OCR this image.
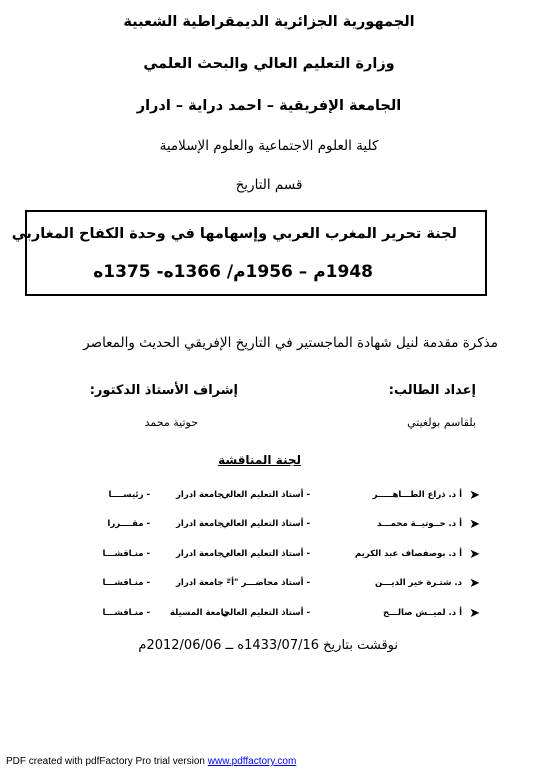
الجمهورية الجزائرية الديمقراطية الشعبية
وزارة التعليم العالي والبحث العلمي
الجامعة الإفريقية – احمد دراية – ادرار
كلية العلوم الاجتماعية والعلوم الإسلامية
قسم التاريخ
لجنة تحرير المغرب العربي وإسهامها في وحدة الكفاح المغاربي
1948م – 1956م/ 1366ه- 1375ه
مذكرة مقدمة لنيل شهادة الماجستير في التاريخ الإفريقي الحديث والمعاصر
إعداد الطالب:
إشراف الأستاذ الدكتور:
بلقاسم بولغيتي
حوتية محمد
لجنة المناقشة
➤
أ د. ذراع الطـــاهـــــر
- أستاذ التعليم العالي
- جامعة ادرار
- رئيســــا
➤
أ د. حــوتيــة محمـــد
- أستاذ التعليم العالي
- جامعة ادرار
- مقــــررا
➤
أ د. بوصفصاف عبد الكريم
- أستاذ التعليم العالي
- جامعة ادرار
- منـاقشـــا
➤
د. شتـرة خير الديـــن
- أستاذ محاضـــر "أ"
- جامعة ادرار
- منـاقشـــا
➤
أ د. لميــش صالـــح
- أستاذ التعليم العالي
جامعة المسيلة
- منـاقشـــا
نوقشت بتاريخ 1433/07/16ه ــ 2012/06/06م
PDF created with pdfFactory Pro trial version www.pdffactory.com
